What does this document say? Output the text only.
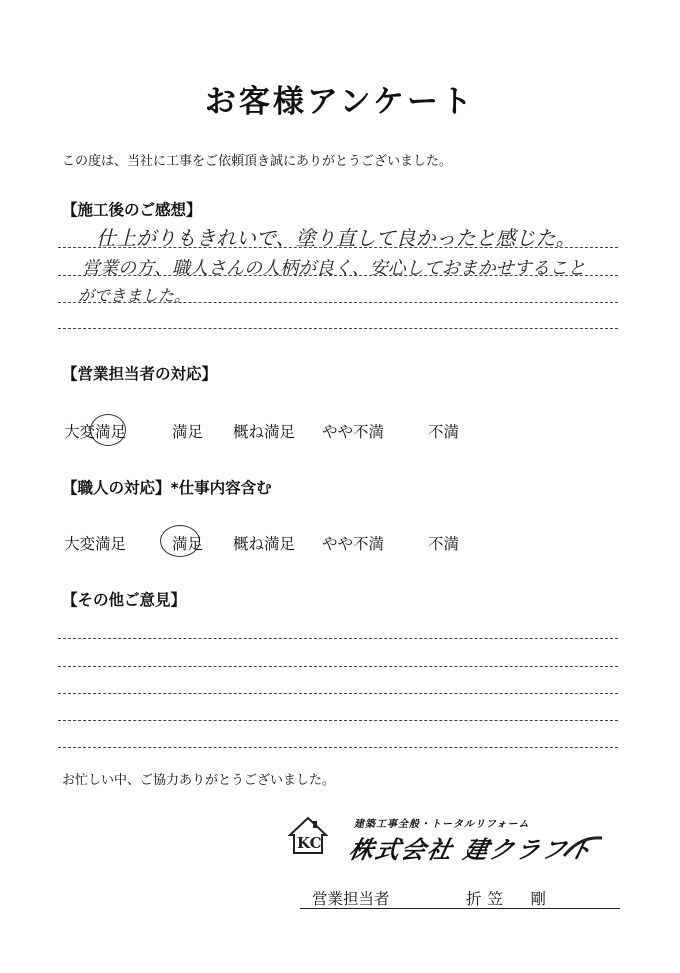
お客様アンケート
この度は、当社に工事をご依頼頂き誠にありがとうございました。
【施工後のご感想】
仕上がりもきれいで、塗り直して良かったと感じた。
営業の方、職人さんの人柄が良く、安心しておまかせすること
ができました。
【営業担当者の対応】
大変満足	満足 概ね満足 やや不満	不満
【職人の対応】*仕事内容含む
大変満足	満足 概ね満足 やや不満	不満
【その他ご意見】
お忙しい中、ご協力ありがとうございました。
KC
建築工事全般・トータルリフォーム
株式会社 建クラフト
営業担当者	折笠　剛
